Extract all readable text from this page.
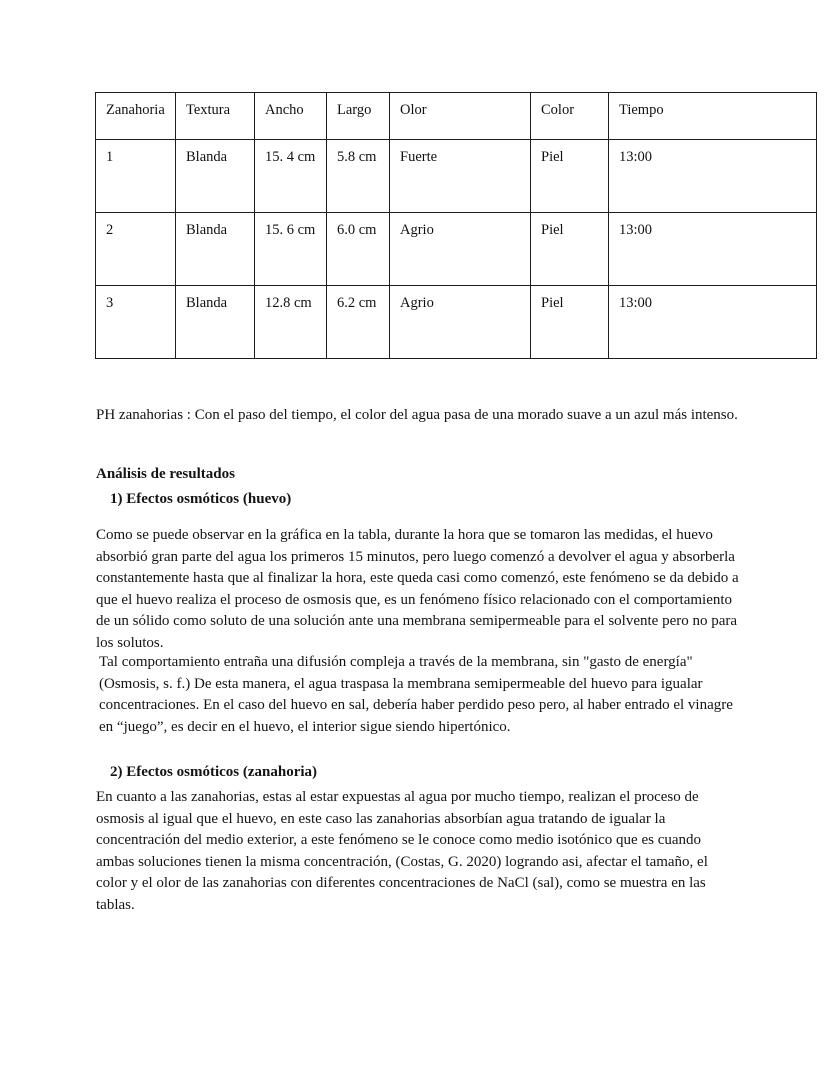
Zanahoria	Textura	Ancho	Largo	Olor	Color	Tiempo
1	Blanda	15. 4 cm	5.8 cm	Fuerte	Piel	13:00
2	Blanda	15. 6 cm	6.0 cm	Agrio	Piel	13:00
3	Blanda	12.8 cm	6.2 cm	Agrio	Piel	13:00

PH zanahorias : Con el paso del tiempo, el color del agua pasa de una morado suave a un azul más intenso.

Análisis de resultados

1) Efectos osmóticos (huevo)

Como se puede observar en la gráfica en la tabla, durante la hora que se tomaron las medidas, el huevo absorbió gran parte del agua los primeros 15 minutos, pero luego comenzó a devolver el agua y absorberla constantemente hasta que al finalizar la hora, este queda casi como comenzó, este fenómeno se da debido a que el huevo realiza el proceso de osmosis que, es un fenómeno físico relacionado con el comportamiento de un sólido como soluto de una solución ante una membrana semipermeable para el solvente pero no para los solutos.

Tal comportamiento entraña una difusión compleja a través de la membrana, sin "gasto de energía" (Osmosis, s. f.) De esta manera, el agua traspasa la membrana semipermeable del huevo para igualar concentraciones. En el caso del huevo en sal, debería haber perdido peso pero, al haber entrado el vinagre en “juego”, es decir en el huevo, el interior sigue siendo hipertónico.

2) Efectos osmóticos (zanahoria)

En cuanto a las zanahorias, estas al estar expuestas al agua por mucho tiempo, realizan el proceso de osmosis al igual que el huevo, en este caso las zanahorias absorbían agua tratando de igualar la concentración del medio exterior, a este fenómeno se le conoce como medio isotónico que es cuando ambas soluciones tienen la misma concentración, (Costas, G. 2020) logrando asi, afectar el tamaño, el color y el olor de las zanahorias con diferentes concentraciones de NaCl (sal), como se muestra en las tablas.
